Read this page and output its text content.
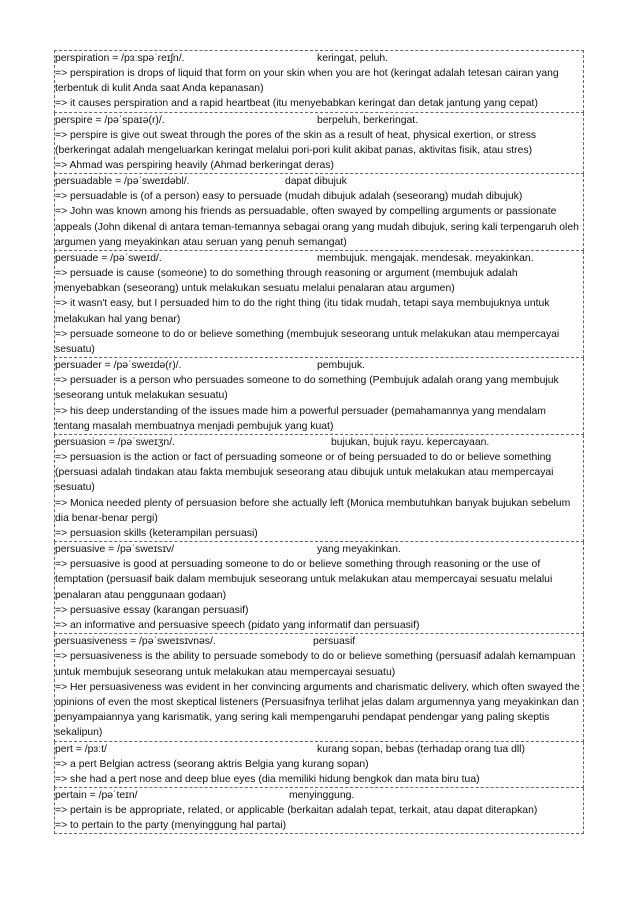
perspiration = /pɜːspəˈreɪʃn/.	keringat, peluh.
=> perspiration is drops of liquid that form on your skin when you are hot (keringat adalah tetesan cairan yang terbentuk di kulit Anda saat Anda kepanasan)
=> it causes perspiration and a rapid heartbeat (itu menyebabkan keringat dan detak jantung yang cepat)
perspire = /pəˈspaɪə(r)/.	berpeluh, berkeringat.
=> perspire is give out sweat through the pores of the skin as a result of heat, physical exertion, or stress (berkeringat adalah mengeluarkan keringat melalui pori-pori kulit akibat panas, aktivitas fisik, atau stres)
=> Ahmad was perspiring heavily (Ahmad berkeringat deras)
persuadable = /pəˈsweɪdəbl/.	dapat dibujuk
=> persuadable is (of a person) easy to persuade (mudah dibujuk adalah (seseorang) mudah dibujuk)
=> John was known among his friends as persuadable, often swayed by compelling arguments or passionate appeals (John dikenal di antara teman-temannya sebagai orang yang mudah dibujuk, sering kali terpengaruh oleh argumen yang meyakinkan atau seruan yang penuh semangat)
persuade = /pəˈsweɪd/.	membujuk. mengajak. mendesak. meyakinkan.
=> persuade is cause (someone) to do something through reasoning or argument (membujuk adalah menyebabkan (seseorang) untuk melakukan sesuatu melalui penalaran atau argumen)
=> it wasn't easy, but I persuaded him to do the right thing (itu tidak mudah, tetapi saya membujuknya untuk melakukan hal yang benar)
=> persuade someone to do or believe something (membujuk seseorang untuk melakukan atau mempercayai sesuatu)
persuader = /pəˈsweɪdə(r)/.	pembujuk.
=> persuader is a person who persuades someone to do something (Pembujuk adalah orang yang membujuk seseorang untuk melakukan sesuatu)
=> his deep understanding of the issues made him a powerful persuader (pemahamannya yang mendalam tentang masalah membuatnya menjadi pembujuk yang kuat)
persuasion = /pəˈsweɪʒn/.	bujukan, bujuk rayu. kepercayaan.
=> persuasion is the action or fact of persuading someone or of being persuaded to do or believe something (persuasi adalah tindakan atau fakta membujuk seseorang atau dibujuk untuk melakukan atau mempercayai sesuatu)
=> Monica needed plenty of persuasion before she actually left (Monica membutuhkan banyak bujukan sebelum dia benar-benar pergi)
=> persuasion skills (keterampilan persuasi)
persuasive = /pəˈsweɪsɪv/	yang meyakinkan.
=> persuasive is good at persuading someone to do or believe something through reasoning or the use of temptation (persuasif baik dalam membujuk seseorang untuk melakukan atau mempercayai sesuatu melalui penalaran atau penggunaan godaan)
=> persuasive essay (karangan persuasif)
=> an informative and persuasive speech (pidato yang informatif dan persuasif)
persuasiveness = /pəˈsweɪsɪvnəs/.	persuasif
=> persuasiveness is the ability to persuade somebody to do or believe something (persuasif adalah kemampuan untuk membujuk seseorang untuk melakukan atau mempercayai sesuatu)
=> Her persuasiveness was evident in her convincing arguments and charismatic delivery, which often swayed the opinions of even the most skeptical listeners (Persuasifnya terlihat jelas dalam argumennya yang meyakinkan dan penyampaiannya yang karismatik, yang sering kali mempengaruhi pendapat pendengar yang paling skeptis sekalipun)
pert = /pɜːt/	kurang sopan, bebas (terhadap orang tua dll)
=> a pert Belgian actress (seorang aktris Belgia yang kurang sopan)
=> she had a pert nose and deep blue eyes (dia memiliki hidung bengkok dan mata biru tua)
pertain = /pəˈteɪn/	menyinggung.
=> pertain is be appropriate, related, or applicable (berkaitan adalah tepat, terkait, atau dapat diterapkan)
=> to pertain to the party (menyinggung hal partai)
